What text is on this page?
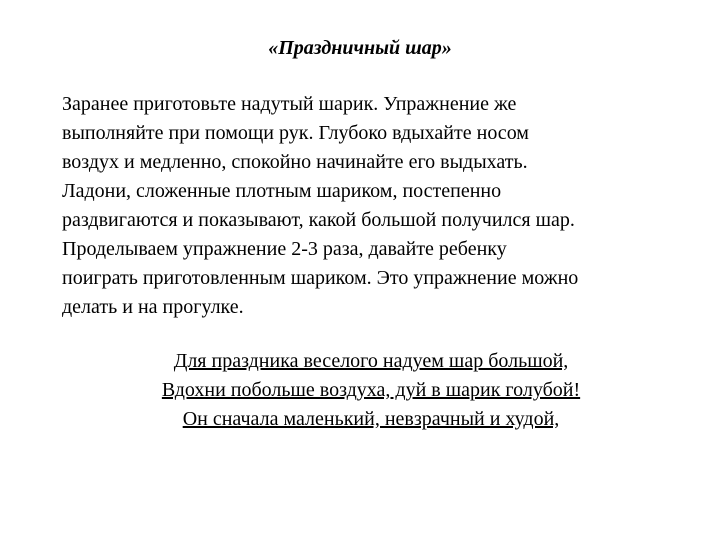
«Праздничный шар»
Заранее приготовьте надутый шарик. Упражнение же
выполняйте при помощи рук. Глубоко вдыхайте носом
воздух и медленно, спокойно начинайте его выдыхать.
Ладони, сложенные плотным шариком, постепенно
раздвигаются и показывают, какой большой получился шар.
Проделываем упражнение 2-3 раза, давайте ребенку
поиграть приготовленным шариком. Это упражнение можно
делать и на прогулке.
Для праздника веселого надуем шар большой,
Вдохни побольше воздуха, дуй в шарик голубой!
Он сначала маленький, невзрачный и худой,
